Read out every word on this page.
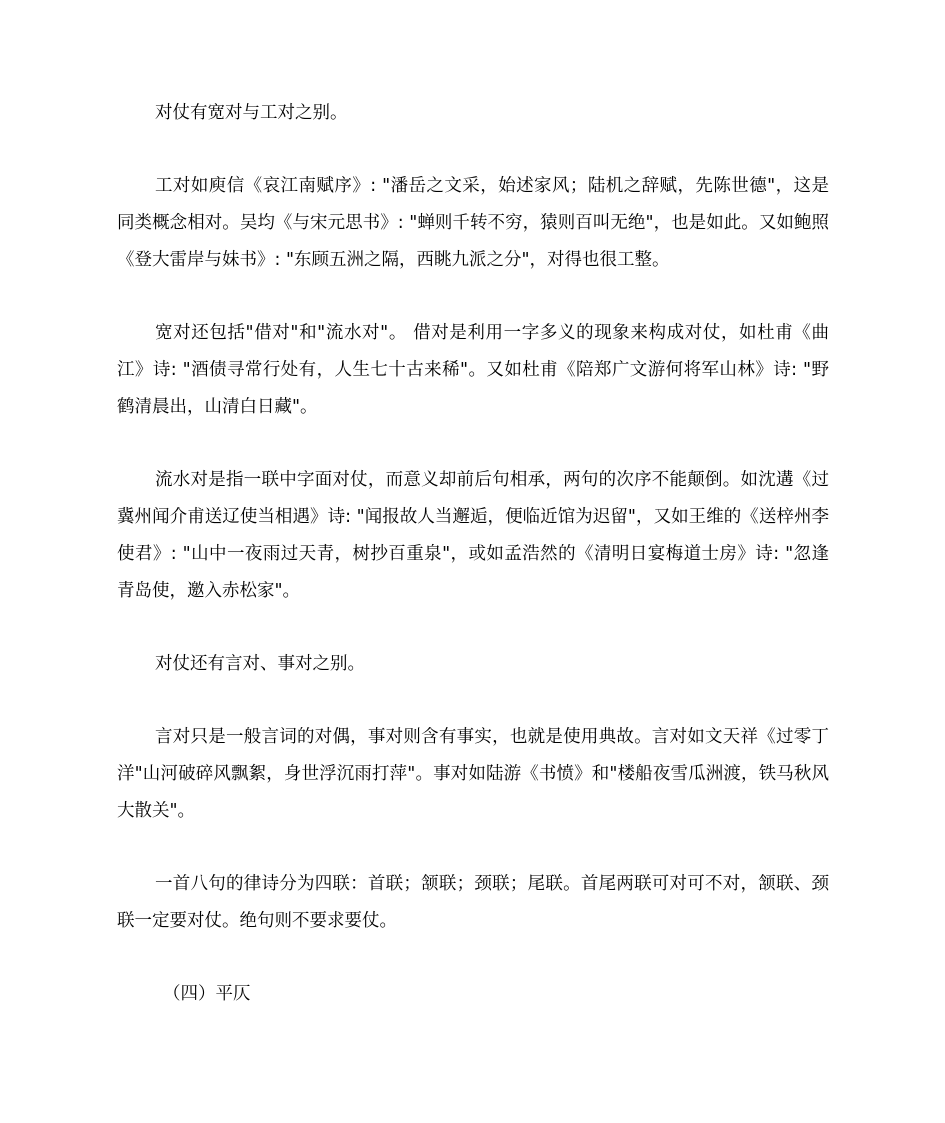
对仗有宽对与工对之别。

工对如庾信《哀江南赋序》: "潘岳之文采，始述家风；陆机之辞赋，先陈世德"，这是同类概念相对。吴均《与宋元思书》: "蝉则千转不穷，猿则百叫无绝"，也是如此。又如鲍照《登大雷岸与妹书》: "东顾五洲之隔，西眺九派之分"，对得也很工整。

宽对还包括"借对"和"流水对"。 借对是利用一字多义的现象来构成对仗，如杜甫《曲江》诗: "酒债寻常行处有，人生七十古来稀"。又如杜甫《陪郑广文游何将军山林》诗: "野鹤清晨出，山清白日藏"。

流水对是指一联中字面对仗，而意义却前后句相承，两句的次序不能颠倒。如沈遘《过冀州闻介甫送辽使当相遇》诗: "闻报故人当邂逅，便临近馆为迟留"，又如王维的《送梓州李使君》: "山中一夜雨过天青，树抄百重泉"，或如孟浩然的《清明日宴梅道士房》诗: "忽逢青岛使，邀入赤松家"。

对仗还有言对、事对之别。

言对只是一般言词的对偶，事对则含有事实，也就是使用典故。言对如文天祥《过零丁洋"山河破碎风飘絮，身世浮沉雨打萍"。事对如陆游《书愤》和"楼船夜雪瓜洲渡，铁马秋风大散关"。

一首八句的律诗分为四联：首联；颔联；颈联；尾联。首尾两联可对可不对，颔联、颈联一定要对仗。绝句则不要求要仗。

（四）平仄
